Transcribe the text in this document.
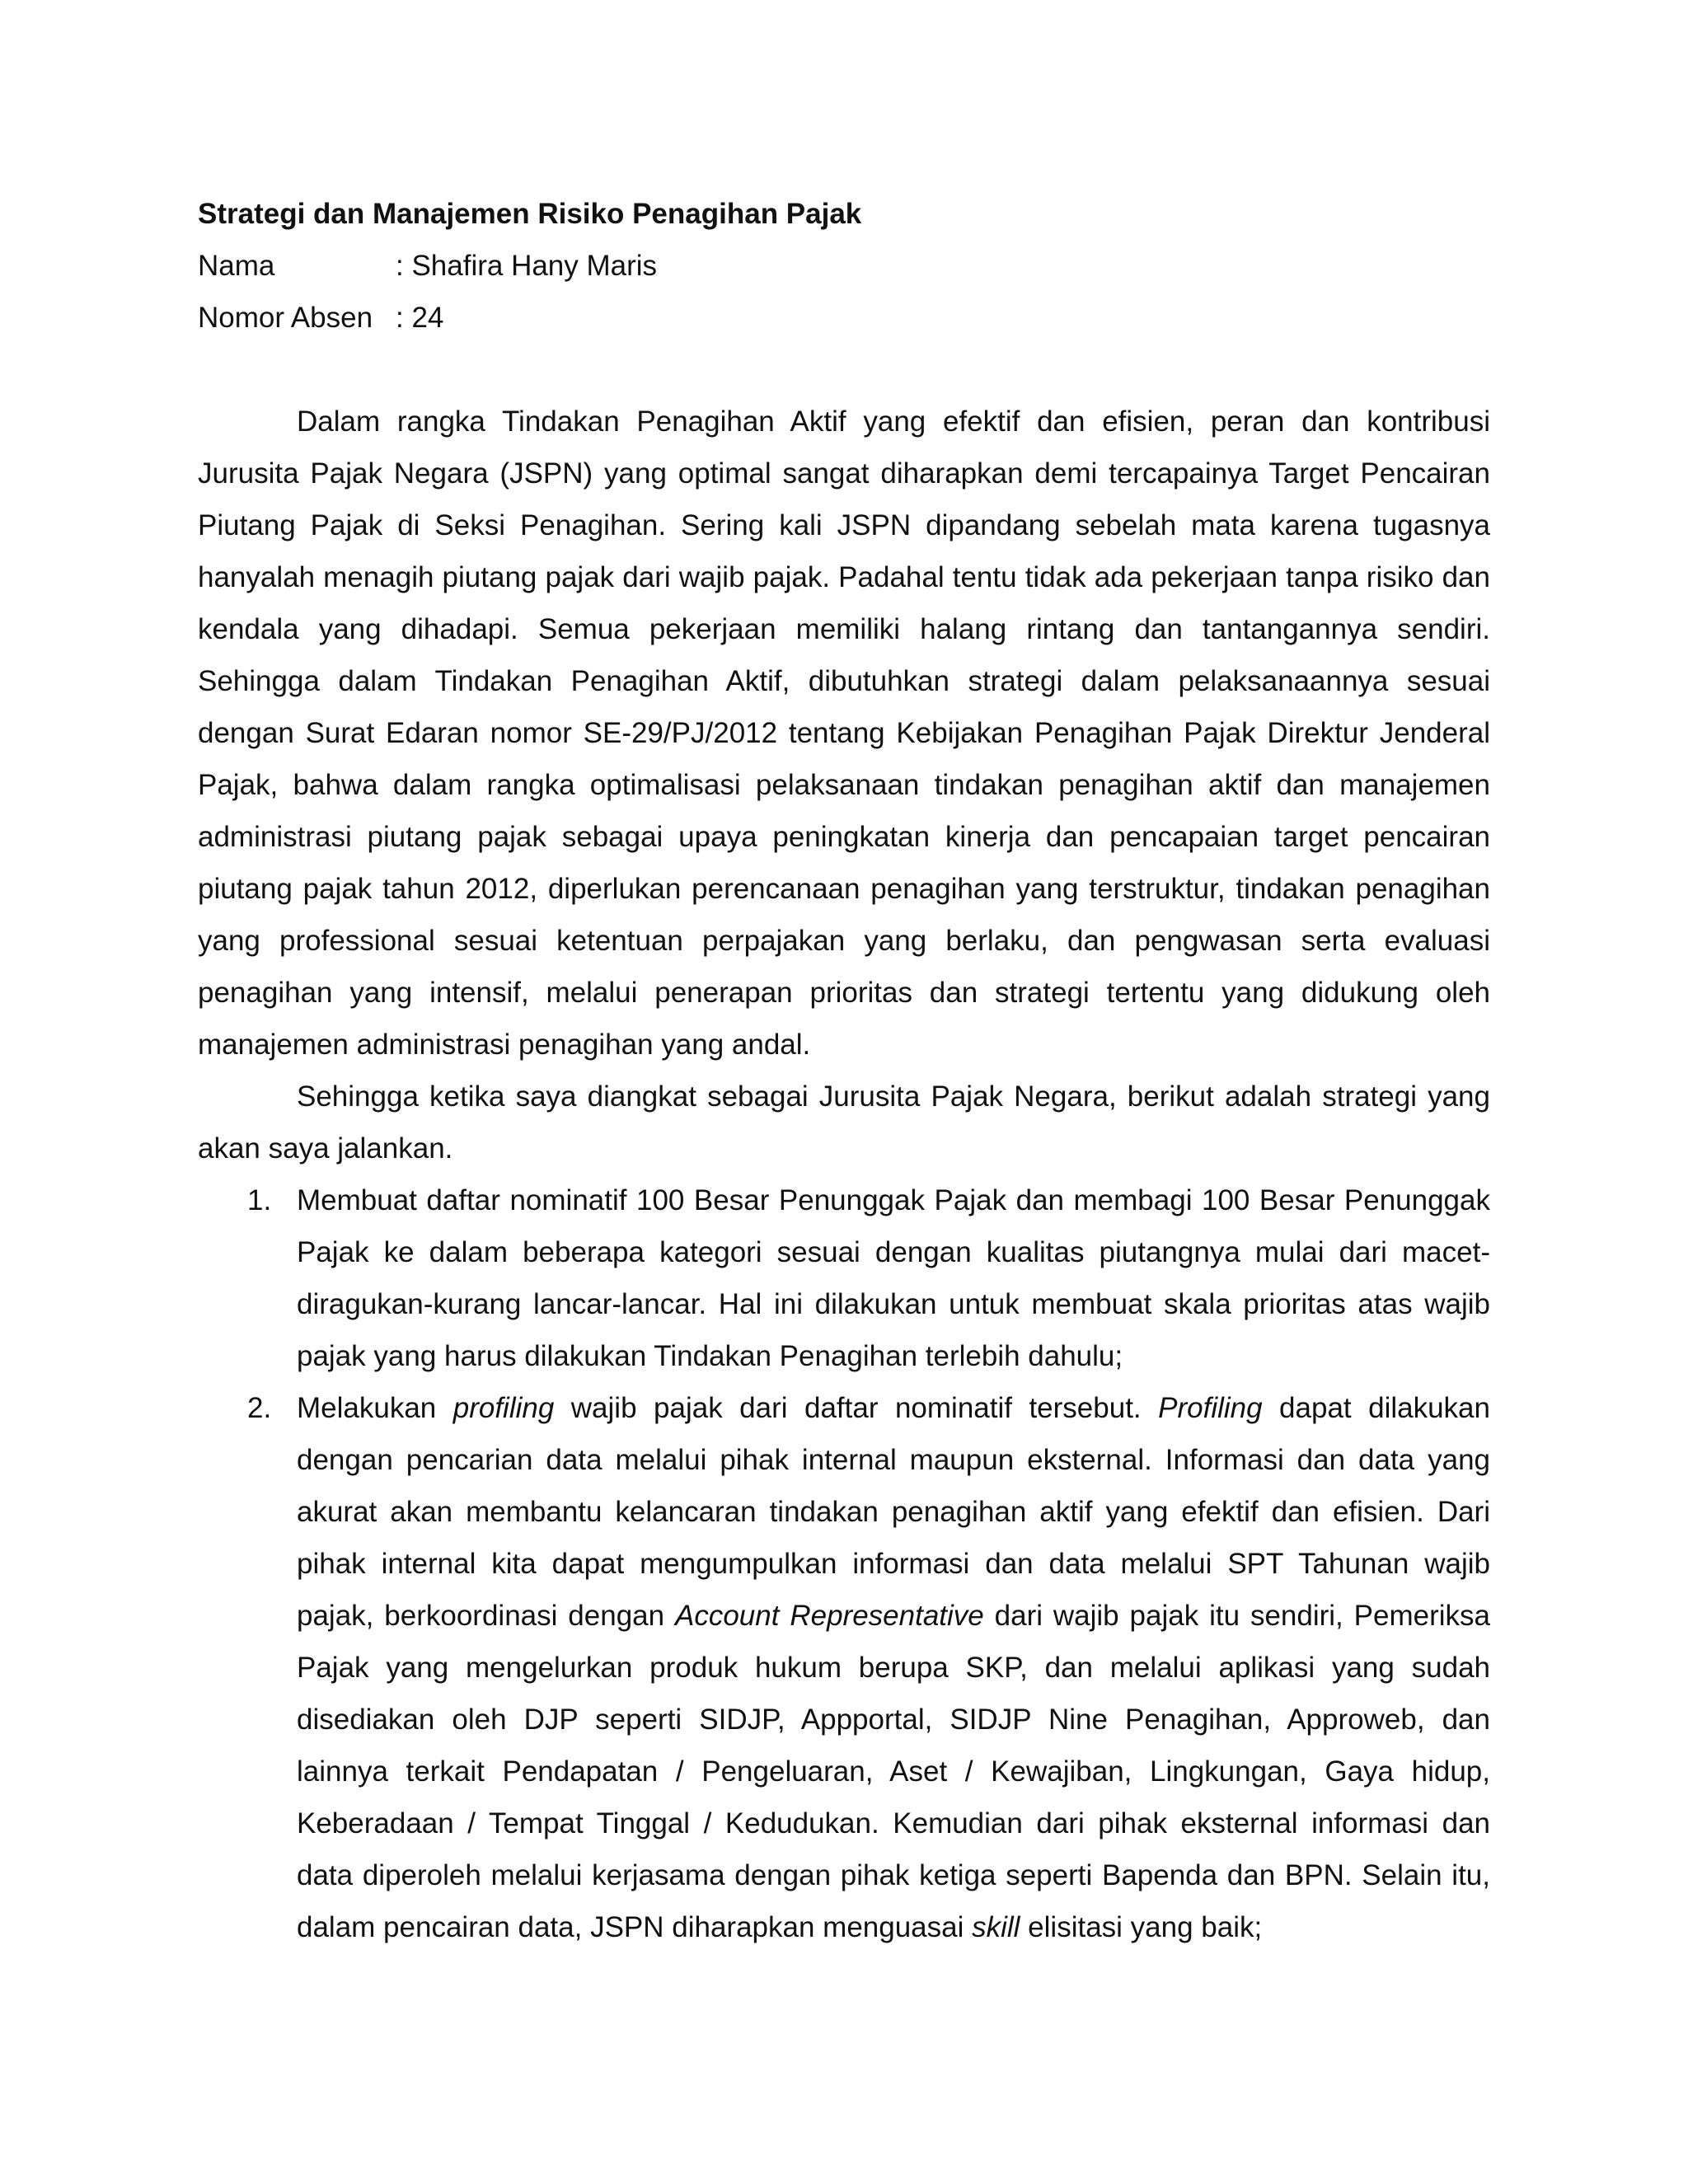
Strategi dan Manajemen Risiko Penagihan Pajak
Nama	: Shafira Hany Maris
Nomor Absen : 24

Dalam rangka Tindakan Penagihan Aktif yang efektif dan efisien, peran dan kontribusi Jurusita Pajak Negara (JSPN) yang optimal sangat diharapkan demi tercapainya Target Pencairan Piutang Pajak di Seksi Penagihan. Sering kali JSPN dipandang sebelah mata karena tugasnya hanyalah menagih piutang pajak dari wajib pajak. Padahal tentu tidak ada pekerjaan tanpa risiko dan kendala yang dihadapi. Semua pekerjaan memiliki halang rintang dan tantangannya sendiri. Sehingga dalam Tindakan Penagihan Aktif, dibutuhkan strategi dalam pelaksanaannya sesuai dengan Surat Edaran nomor SE-29/PJ/2012 tentang Kebijakan Penagihan Pajak Direktur Jenderal Pajak, bahwa dalam rangka optimalisasi pelaksanaan tindakan penagihan aktif dan manajemen administrasi piutang pajak sebagai upaya peningkatan kinerja dan pencapaian target pencairan piutang pajak tahun 2012, diperlukan perencanaan penagihan yang terstruktur, tindakan penagihan yang professional sesuai ketentuan perpajakan yang berlaku, dan pengwasan serta evaluasi penagihan yang intensif, melalui penerapan prioritas dan strategi tertentu yang didukung oleh manajemen administrasi penagihan yang andal.

Sehingga ketika saya diangkat sebagai Jurusita Pajak Negara, berikut adalah strategi yang akan saya jalankan.

1. Membuat daftar nominatif 100 Besar Penunggak Pajak dan membagi 100 Besar Penunggak Pajak ke dalam beberapa kategori sesuai dengan kualitas piutangnya mulai dari macet-diragukan-kurang lancar-lancar. Hal ini dilakukan untuk membuat skala prioritas atas wajib pajak yang harus dilakukan Tindakan Penagihan terlebih dahulu;
2. Melakukan profiling wajib pajak dari daftar nominatif tersebut. Profiling dapat dilakukan dengan pencarian data melalui pihak internal maupun eksternal. Informasi dan data yang akurat akan membantu kelancaran tindakan penagihan aktif yang efektif dan efisien. Dari pihak internal kita dapat mengumpulkan informasi dan data melalui SPT Tahunan wajib pajak, berkoordinasi dengan Account Representative dari wajib pajak itu sendiri, Pemeriksa Pajak yang mengelurkan produk hukum berupa SKP, dan melalui aplikasi yang sudah disediakan oleh DJP seperti SIDJP, Appportal, SIDJP Nine Penagihan, Approweb, dan lainnya terkait Pendapatan / Pengeluaran, Aset / Kewajiban, Lingkungan, Gaya hidup, Keberadaan / Tempat Tinggal / Kedudukan. Kemudian dari pihak eksternal informasi dan data diperoleh melalui kerjasama dengan pihak ketiga seperti Bapenda dan BPN. Selain itu, dalam pencairan data, JSPN diharapkan menguasai skill elisitasi yang baik;
